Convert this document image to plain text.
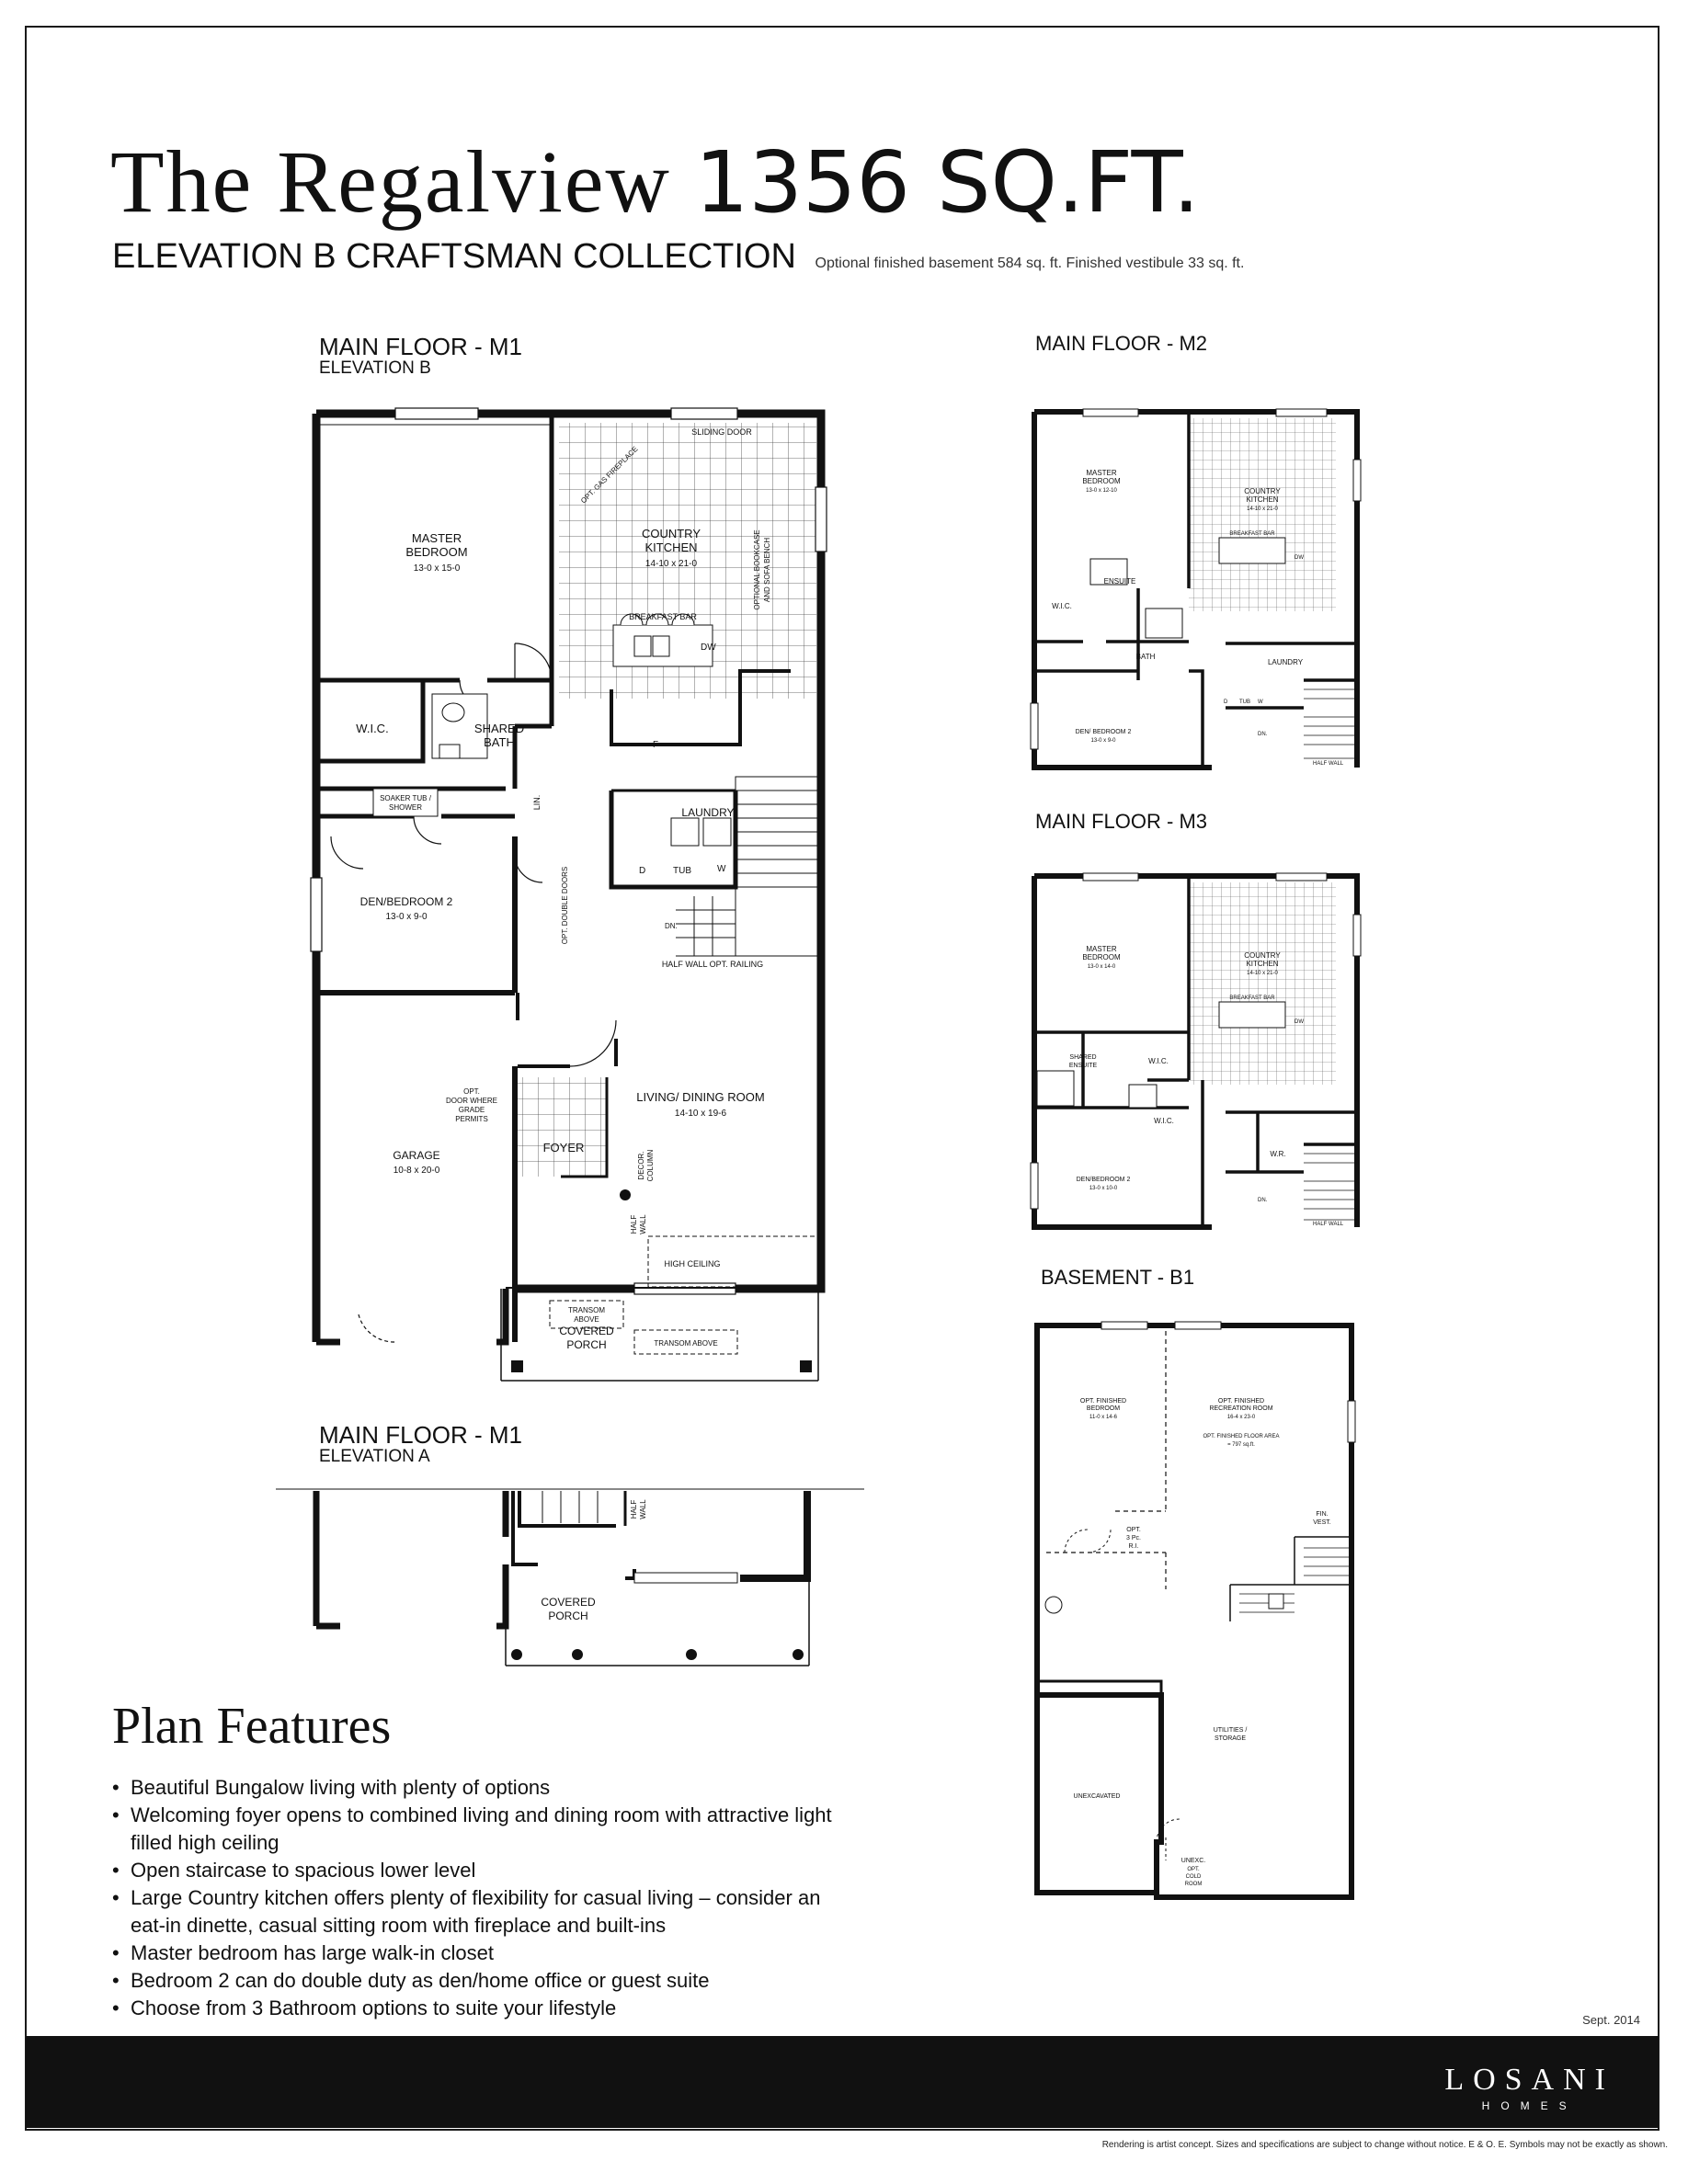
The Regalview 1356 SQ.FT.
ELEVATION B CRAFTSMAN COLLECTION Optional finished basement 584 sq. ft. Finished vestibule 33 sq. ft.
MAIN FLOOR - M1
ELEVATION B
MASTER
BEDROOM
13-0 x 15-0
COUNTRY
KITCHEN
14-10 x 21-0
SLIDING DOOR
OPT. GAS FIREPLACE
OPTIONAL BOOKCASE AND SOFA BENCH
BREAKFAST BAR
DW
F
W.I.C.	SHARED
BATH
SOAKER TUB /
SHOWER	LIN.
LAUNDRY
D	TUB	W
DEN/BEDROOM 2
13-0 x 9-0	OPT. DOUBLE DOORS	DN.
HALF WALL OPT. RAILING
OPT.
DOOR WHERE
GRADE
PERMITS
LIVING/ DINING ROOM
14-10 x 19-6
GARAGE
10-8 x 20-0
FOYER
DECOR. COLUMN
HALF WALL
HIGH CEILING
TRANSOM
ABOVE
COVERED
PORCH	TRANSOM ABOVE
MAIN FLOOR - M2
MASTER
BEDROOM
13-0 x 12-10	COUNTRY
KITCHEN
14-10 x 21-0
BREAKFAST BAR
DW
ENSUITE
W.I.C.
BATH
LAUNDRY
D TUB W
DEN/ BEDROOM 2
13-0 x 9-0
DN.
HALF WALL
MAIN FLOOR - M3
MASTER
BEDROOM
13-0 x 14-0
COUNTRY
KITCHEN
14-10 x 21-0
BREAKFAST BAR
DW
SHARED
ENSUITE
W.I.C.
W.I.C.
W.R.
DEN/BEDROOM 2
13-0 x 10-0
DN.
HALF WALL
BASEMENT - B1
OPT. FINISHED
BEDROOM
11-0 x 14-6
OPT. FINISHED
RECREATION ROOM
16-4 x 23-0
OPT. FINISHED FLOOR AREA
= 797 sq.ft.
FIN.
VEST.
OPT.
3 Pc.
R.I.
UTILITIES /
STORAGE
UNEXCAVATED
UNEXC.
OPT.
COLD
ROOM
MAIN FLOOR - M1
ELEVATION A
COVERED
PORCH
HALF WALL
Plan Features
• Beautiful Bungalow living with plenty of options
• Welcoming foyer opens to combined living and dining room with attractive light filled high ceiling
• Open staircase to spacious lower level
• Large Country kitchen offers plenty of flexibility for casual living – consider an eat-in dinette, casual sitting room with fireplace and built-ins
• Master bedroom has large walk-in closet
• Bedroom 2 can do double duty as den/home office or guest suite
• Choose from 3 Bathroom options to suite your lifestyle
Sept. 2014
LOSANI
HOMES
Rendering is artist concept. Sizes and specifications are subject to change without notice. E & O. E. Symbols may not be exactly as shown.
